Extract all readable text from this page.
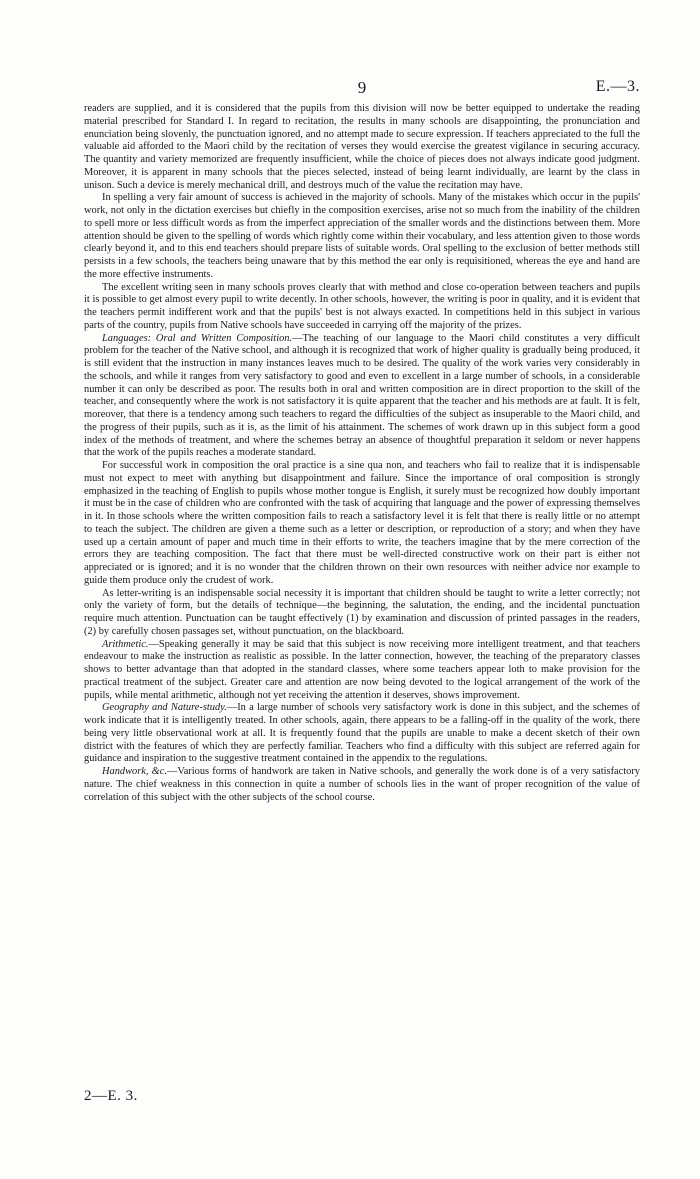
9	E.—3.

readers are supplied, and it is considered that the pupils from this division will now be better equipped to undertake the reading material prescribed for Standard I. In regard to recitation, the results in many schools are disappointing, the pronunciation and enunciation being slovenly, the punctuation ignored, and no attempt made to secure expression. If teachers appreciated to the full the valuable aid afforded to the Maori child by the recitation of verses they would exercise the greatest vigilance in securing accuracy. The quantity and variety memorized are frequently insufficient, while the choice of pieces does not always indicate good judgment. Moreover, it is apparent in many schools that the pieces selected, instead of being learnt individually, are learnt by the class in unison. Such a device is merely mechanical drill, and destroys much of the value the recitation may have.

In spelling a very fair amount of success is achieved in the majority of schools. Many of the mistakes which occur in the pupils' work, not only in the dictation exercises but chiefly in the composition exercises, arise not so much from the inability of the children to spell more or less difficult words as from the imperfect appreciation of the smaller words and the distinctions between them. More attention should be given to the spelling of words which rightly come within their vocabulary, and less attention given to those words clearly beyond it, and to this end teachers should prepare lists of suitable words. Oral spelling to the exclusion of better methods still persists in a few schools, the teachers being unaware that by this method the ear only is requisitioned, whereas the eye and hand are the more effective instruments.

The excellent writing seen in many schools proves clearly that with method and close co-operation between teachers and pupils it is possible to get almost every pupil to write decently. In other schools, however, the writing is poor in quality, and it is evident that the teachers permit indifferent work and that the pupils' best is not always exacted. In competitions held in this subject in various parts of the country, pupils from Native schools have succeeded in carrying off the majority of the prizes.

Languages: Oral and Written Composition.—The teaching of our language to the Maori child constitutes a very difficult problem for the teacher of the Native school, and although it is recognized that work of higher quality is gradually being produced, it is still evident that the instruction in many instances leaves much to be desired. The quality of the work varies very considerably in the schools, and while it ranges from very satisfactory to good and even to excellent in a large number of schools, in a considerable number it can only be described as poor. The results both in oral and written composition are in direct proportion to the skill of the teacher, and consequently where the work is not satisfactory it is quite apparent that the teacher and his methods are at fault. It is felt, moreover, that there is a tendency among such teachers to regard the difficulties of the subject as insuperable to the Maori child, and the progress of their pupils, such as it is, as the limit of his attainment. The schemes of work drawn up in this subject form a good index of the methods of treatment, and where the schemes betray an absence of thoughtful preparation it seldom or never happens that the work of the pupils reaches a moderate standard.

For successful work in composition the oral practice is a sine qua non, and teachers who fail to realize that it is indispensable must not expect to meet with anything but disappointment and failure. Since the importance of oral composition is strongly emphasized in the teaching of English to pupils whose mother tongue is English, it surely must be recognized how doubly important it must be in the case of children who are confronted with the task of acquiring that language and the power of expressing themselves in it. In those schools where the written composition fails to reach a satisfactory level it is felt that there is really little or no attempt to teach the subject. The children are given a theme such as a letter or description, or reproduction of a story; and when they have used up a certain amount of paper and much time in their efforts to write, the teachers imagine that by the mere correction of the errors they are teaching composition. The fact that there must be well-directed constructive work on their part is either not appreciated or is ignored; and it is no wonder that the children thrown on their own resources with neither advice nor example to guide them produce only the crudest of work.

As letter-writing is an indispensable social necessity it is important that children should be taught to write a letter correctly; not only the variety of form, but the details of technique—the beginning, the salutation, the ending, and the incidental punctuation require much attention. Punctuation can be taught effectively (1) by examination and discussion of printed passages in the readers, (2) by carefully chosen passages set, without punctuation, on the blackboard.

Arithmetic.—Speaking generally it may be said that this subject is now receiving more intelligent treatment, and that teachers endeavour to make the instruction as realistic as possible. In the latter connection, however, the teaching of the preparatory classes shows to better advantage than that adopted in the standard classes, where some teachers appear loth to make provision for the practical treatment of the subject. Greater care and attention are now being devoted to the logical arrangement of the work of the pupils, while mental arithmetic, although not yet receiving the attention it deserves, shows improvement.

Geography and Nature-study.—In a large number of schools very satisfactory work is done in this subject, and the schemes of work indicate that it is intelligently treated. In other schools, again, there appears to be a falling-off in the quality of the work, there being very little observational work at all. It is frequently found that the pupils are unable to make a decent sketch of their own district with the features of which they are perfectly familiar. Teachers who find a difficulty with this subject are referred again for guidance and inspiration to the suggestive treatment contained in the appendix to the regulations.

Handwork, &c.—Various forms of handwork are taken in Native schools, and generally the work done is of a very satisfactory nature. The chief weakness in this connection in quite a number of schools lies in the want of proper recognition of the value of correlation of this subject with the other subjects of the school course.

2—E. 3.
